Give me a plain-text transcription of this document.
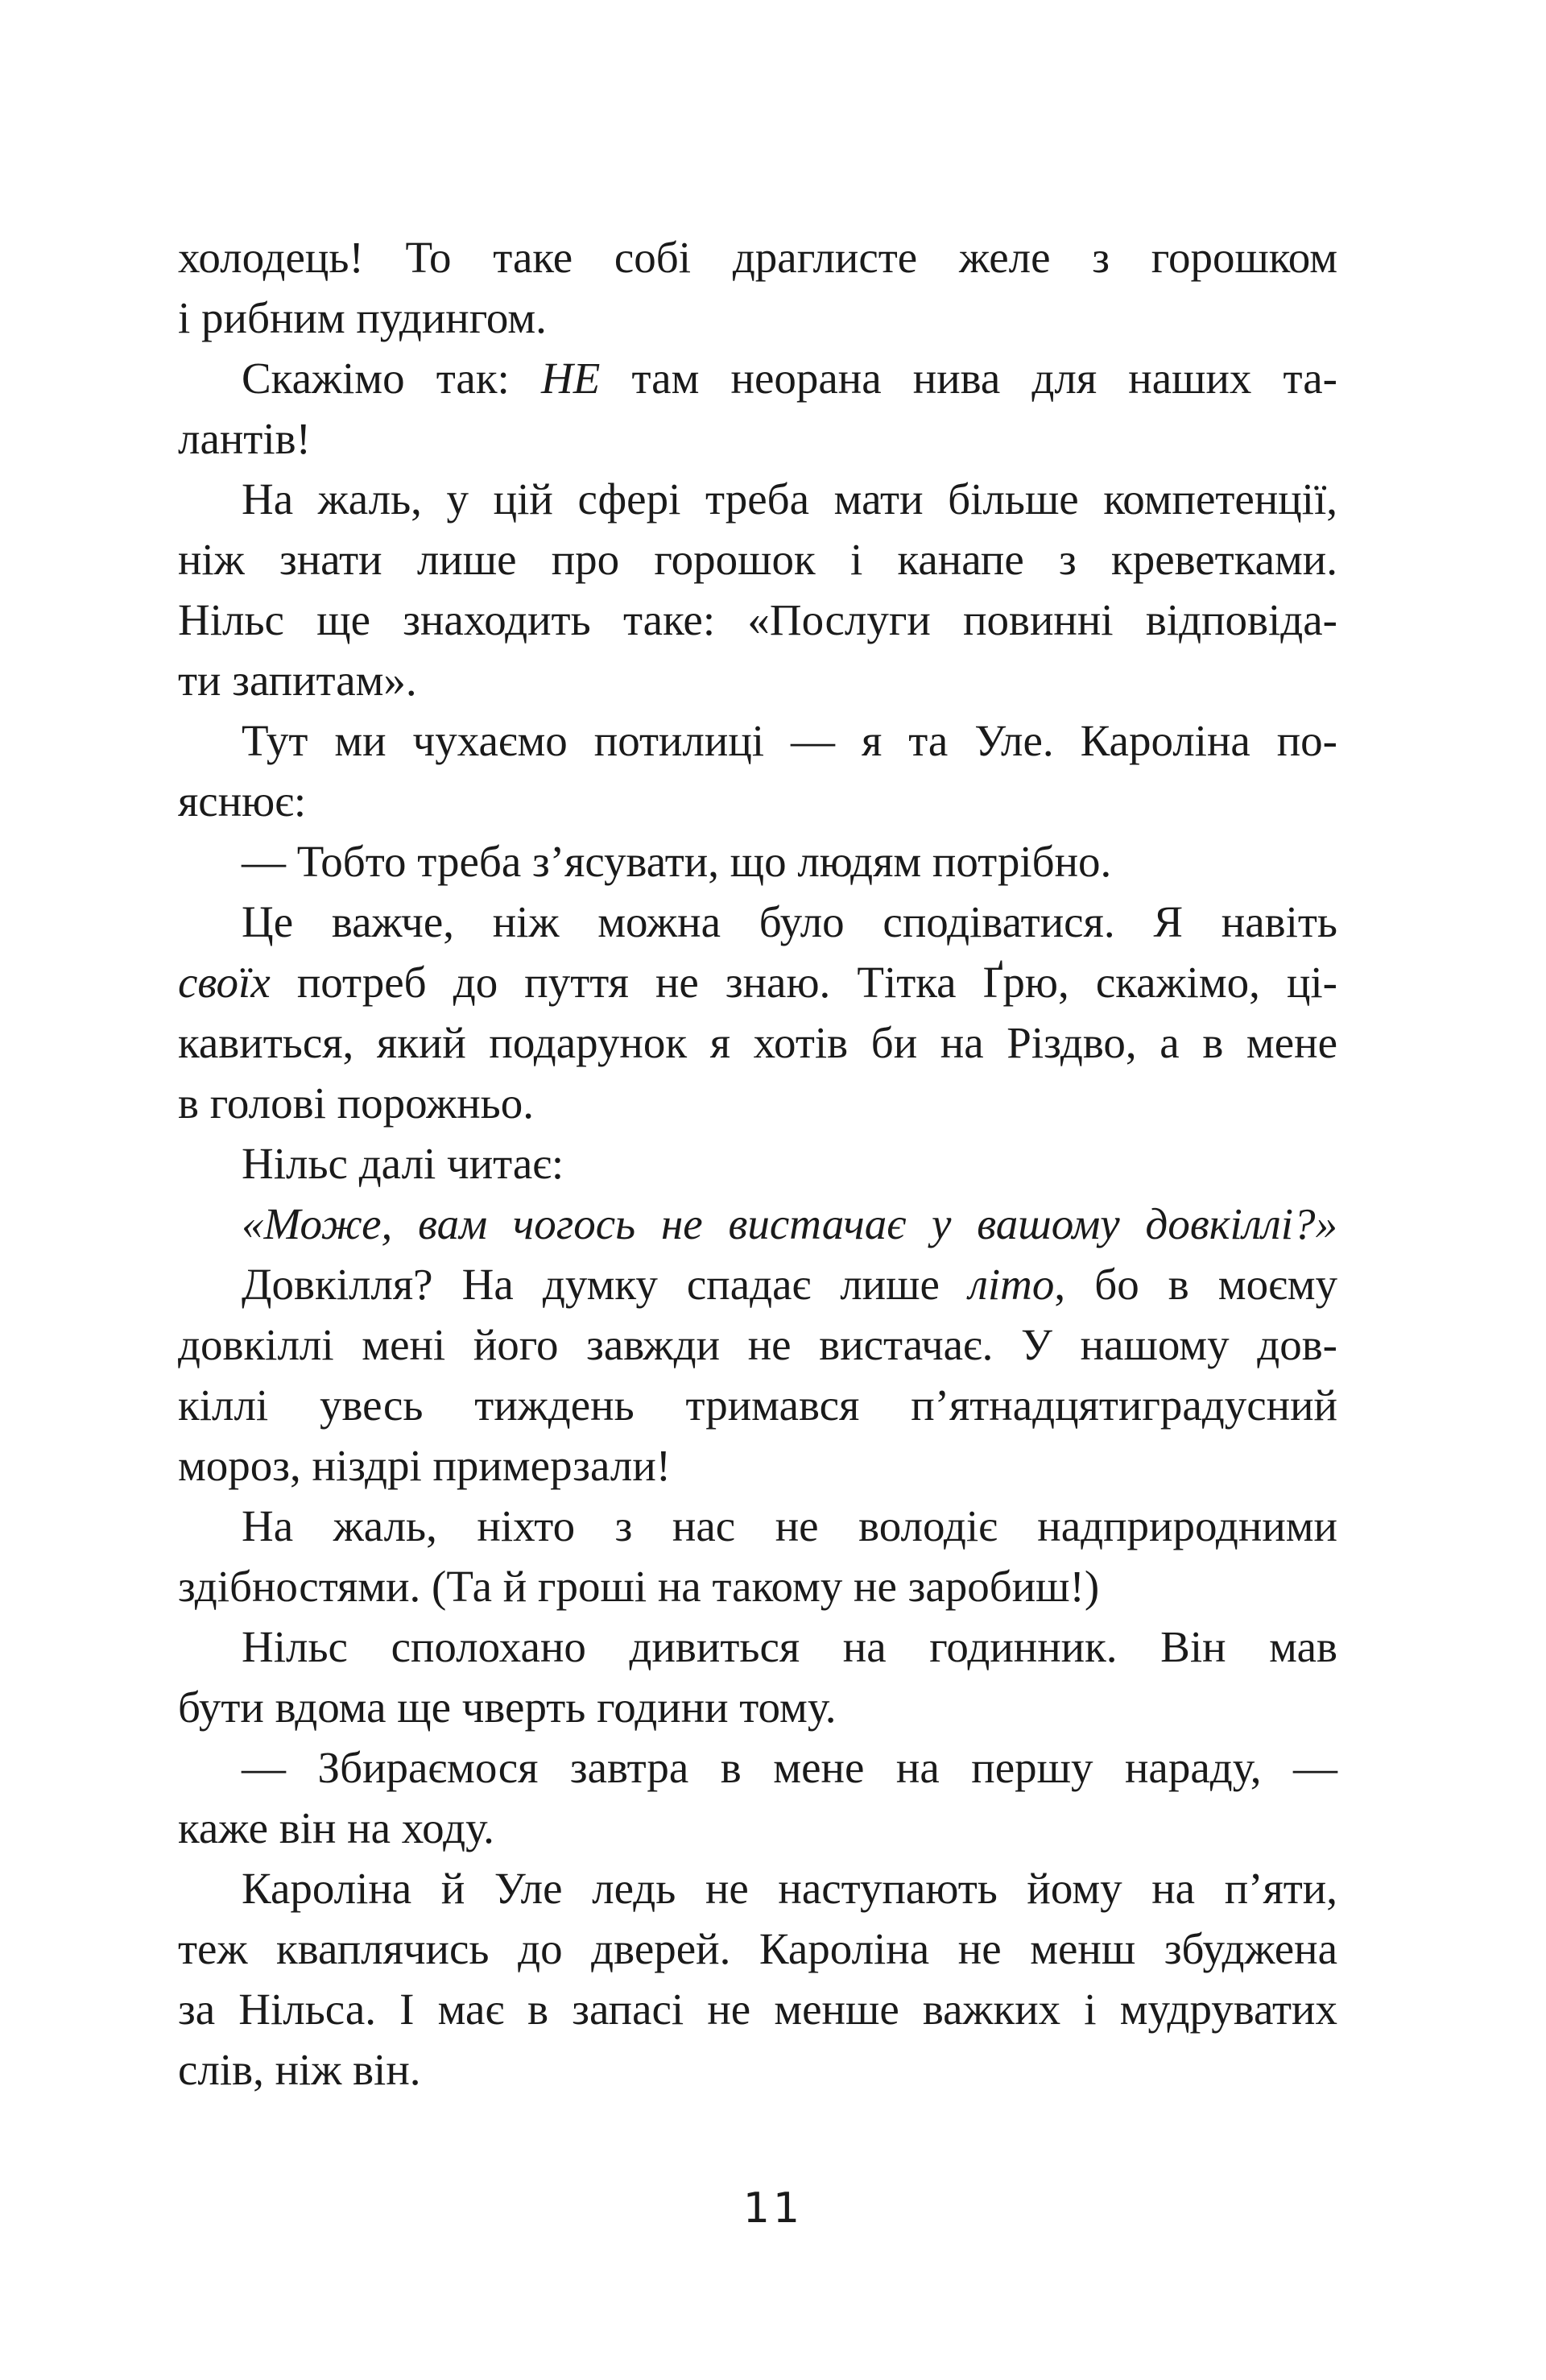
холодець! То таке собі драглисте желе з горошком
і рибним пудингом.
Скажімо так: НЕ там неорана нива для наших та-
лантів!
На жаль, у цій сфері треба мати більше компетенції,
ніж знати лише про горошок і канапе з креветками.
Нільс ще знаходить таке: «Послуги повинні відповіда-
ти запитам».
Тут ми чухаємо потилиці — я та Уле. Кароліна по-
яснює:
— Тобто треба з’ясувати, що людям потрібно.
Це важче, ніж можна було сподіватися. Я навіть
своїх потреб до пуття не знаю. Тітка Ґрю, скажімо, ці-
кавиться, який подарунок я хотів би на Різдво, а в мене
в голові порожньо.
Нільс далі читає:
«Може, вам чогось не вистачає у вашому довкіллі?»
Довкілля? На думку спадає лише літо, бо в моєму
довкіллі мені його завжди не вистачає. У нашому дов-
кіллі увесь тиждень тримався п’ятнадцятиградусний
мороз, ніздрі примерзали!
На жаль, ніхто з нас не володіє надприродними
здібностями. (Та й гроші на такому не заробиш!)
Нільс сполохано дивиться на годинник. Він мав
бути вдома ще чверть години тому.
— Збираємося завтра в мене на першу нараду, —
каже він на ходу.
Кароліна й Уле ледь не наступають йому на п’яти,
теж кваплячись до дверей. Кароліна не менш збуджена
за Нільса. І має в запасі не менше важких і мудруватих
слів, ніж він.
11
